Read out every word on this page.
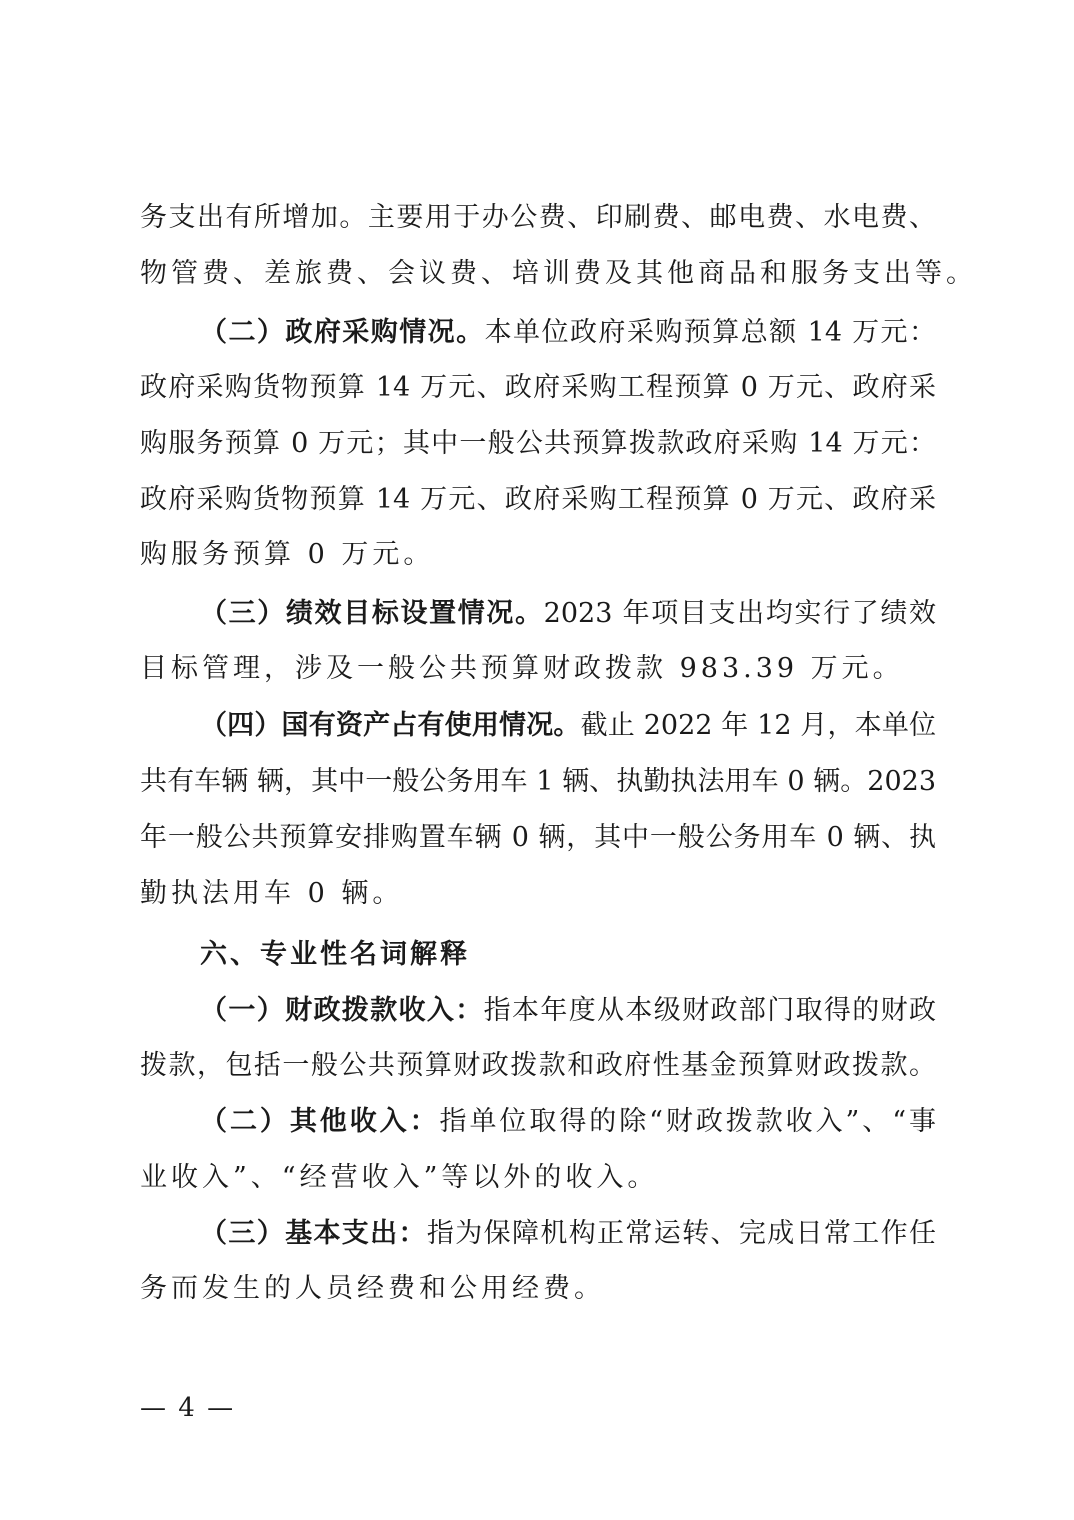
务支出有所增加。主要用于办公费、印刷费、邮电费、水电费、
物管费、差旅费、会议费、培训费及其他商品和服务支出等。
（二）政府采购情况。本单位政府采购预算总额 14 万元：
政府采购货物预算 14 万元、政府采购工程预算 0 万元、政府采
购服务预算 0 万元；其中一般公共预算拨款政府采购 14 万元：
政府采购货物预算 14 万元、政府采购工程预算 0 万元、政府采
购服务预算 0 万元。
（三）绩效目标设置情况。2023 年项目支出均实行了绩效
目标管理，涉及一般公共预算财政拨款 983.39 万元。
（四）国有资产占有使用情况。截止 2022 年 12 月，本单位
共有车辆 辆，其中一般公务用车 1 辆、执勤执法用车 0 辆。2023
年一般公共预算安排购置车辆 0 辆，其中一般公务用车 0 辆、执
勤执法用车 0 辆。
六、专业性名词解释
（一）财政拨款收入：指本年度从本级财政部门取得的财政
拨款，包括一般公共预算财政拨款和政府性基金预算财政拨款。
（二）其他收入：指单位取得的除“财政拨款收入”、“事
业收入”、“经营收入”等以外的收入。
（三）基本支出：指为保障机构正常运转、完成日常工作任
务而发生的人员经费和公用经费。
— 4 —
